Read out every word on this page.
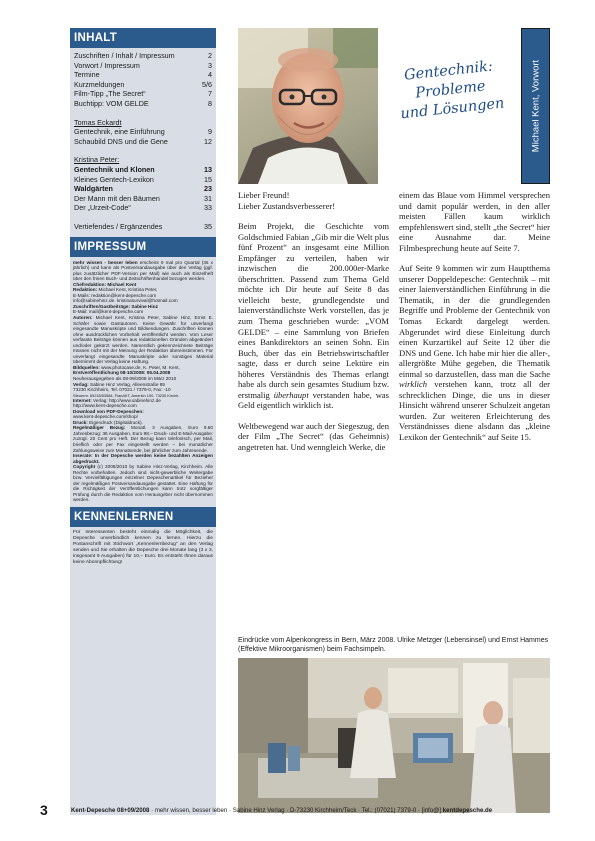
INHALT
Zuschriften / Inhalt / Impressum	2
Vorwort / Impressum	3
Termine	4
Kurzmeldungen	5/6
Film-Tipp „The Secret“	7
Buchtipp: VOM GELDE	8
Tomas Eckardt
Gentechnik, eine Einführung	9
Schaubild DNS und die Gene	12
Kristina Peter:
Gentechnik und Klonen	13
Kleines Gentech-Lexikon	15
Waldgärten	23
Der Mann mit den Bäumen	31
Der „Urzeit-Code“	33
Vertiefendes / Ergänzendes	35
IMPRESSUM

mehr wissen - besser leben erscheint 9 mal pro Quartal (36 x jährlich) und kann als Postversandausgabe über den Verlag (ggf. plus zusätzlicher PDF-Version per Mail) wie auch als Einzelheft über den freien Buch- und Zeitschriftenhandel bezogen werden.

Chefredaktion: Michael Kent

Redaktion: Michael Kent, Kristina Peter,

E-Mails: redaktion@kent-depesche.com

info@sabinehinz.de. kristinasurvival@hotmail.com

Zuschriften/Gastbeiträge: Sabine Hinz

E-Mail: mail@kent-depesche.com

Autoren: Michael Kent, Kristina Peter, Sabine Hinz, Ernst E. Schäfer sowie Gastautoren. Keine Gewähr für unverlangt eingesandte Manuskripte und Bildsendungen. Zuschriften können ohne ausdrücklichen Vorbehalt veröffentlicht werden. Vom Leser verfasste Beiträge können aus redaktionellen Gründen abgeändert und/oder gekürzt werden. Namentlich gekennzeichnete Beiträge müssen nicht mit der Meinung der Redaktion übereinstimmen. Für unverlangt eingesandte Manuskripte oder sonstiges Material übernimmt der Verlag keine Haftung.

Bildquellen: www.photocase.de, K. Peter, M. Kent,

Erstveröffentlichung 08-10/2008: 05.04.2008

Neuherausgegeben als 08-09/2008 im März 2010

Verlag: Sabine Hinz Verlag, Alleenstraße 85

73230 Kirchheim, Tel. 07021 / 7379-0, Fax: -10

Steuernr. 69218/53584, FianAKT, Americh 100, 73230 Kirchh.

Internet: Verlag: http://www.sabinehinz.de

http://www.kent-depesche.com

Download von PDF-Depeschen:

www.kent-depesche.com/shop/

Druck: Eigendruck (Digitaldruck).

Regelmäßiger Bezug: Monatl. 3 Ausgaben, Euro 9.60 Jahresbezug: 36 Ausgaben, Euro 98,– Druck- und E-Mail-Ausgabe: zuzügl. 20 Cent pro Heft. Der Bezug kann telefonisch, per Mail, brieflich oder per Fax eingestellt werden – bei monatlicher Zahlungsweise zum Monatsende, bei jährlicher zum Jahresende.

Inserate: In der Depesche werden keine bezahlten Anzeigen abgedruckt.

Copyright (c) 2008/2010 by Sabine Hinz-Verlag, Kirchheim. Alle Rechte vorbehalten. Jedoch sind nicht-gewerbliche Weitergabe bzw. Vervielfältigungen einzelner Depeschenartikel für Bezieher der regelmäßigen Postversandausgabe gestattet. Eine Haftung für die Richtigkeit der Veröffentlichungen kann trotz sorgfältiger Prüfung durch die Redaktion vom Herausgeber nicht übernommen werden.

KENNENLERNEN
Für Interessenten besteht einmalig die Möglichkeit, die Depesche unverbindlich kennen zu lernen. Hierzu die Postanschrift mit Stichwort „Kennenlernbezug“ an den Verlag senden und Sie erhalten die Depesche drei Monate lang (3 x 3, insgesamt 9 Ausgaben) für 10,– Euro. Es entsteht Ihnen daraus keine Abonnpflichtung!
Gentechnik:
Probleme
und Lösungen	Michael Kent, Vorwort

Lieber Freund!
Lieber Zustandsverbesserer!

Beim Projekt, die Geschichte vom Goldschmied Fabian „Gib mir die Welt plus fünf Prozent“ an insgesamt eine Million Empfänger zu verteilen, haben wir inzwischen die 200.000er-Marke überschritten. Passend zum Thema Geld möchte ich Dir heute auf Seite 8 das vielleicht beste, grundlegendste und laienverständlichste Werk vorstellen, das je zum Thema geschrieben wurde: „VOM GELDE“ – eine Sammlung von Briefen eines Bankdirektors an seinen Sohn. Ein Buch, über das ein Betriebswirtschaftler sagte, dass er durch seine Lektüre ein höheres Verständnis des Themas erlangt habe als durch sein gesamtes Studium bzw. erstmalig überhaupt verstanden habe, was Geld eigentlich wirklich ist.

Weltbewegend war auch der Siegeszug, den der Film „The Secret“ (das Geheimnis) angetreten hat. Und wenngleich Werke, die

einem das Blaue vom Himmel versprechen und damit populär werden, in den aller meisten Fällen kaum wirklich empfehlenswert sind, stellt „the Secret“ hier eine Ausnahme dar. Meine Filmbesprechung heute auf Seite 7.

Auf Seite 9 kommen wir zum Hauptthema unserer Doppeldepesche: Gentechnik – mit einer laienverständlichen Einführung in die Thematik, in der die grundlegenden Begriffe und Probleme der Gentechnik von Tomas Eckardt dargelegt werden. Abgerundet wird diese Einleitung durch einen Kurzartikel auf Seite 12 über die DNS und Gene. Ich habe mir hier die aller-, allergrößte Mühe gegeben, die Thematik einmal so darzustellen, dass man die Sache wirklich verstehen kann, trotz all der schrecklichen Dinge, die uns in dieser Hinsicht während unserer Schulzeit angetan wurden. Zur weiteren Erleichterung des Verständnisses diene alsdann das „kleine Lexikon der Gentechnik“ auf Seite 15.

Eindrücke vom Alpenkongress in Bern, März 2008. Ulrike Metzger (Lebensinsel) und Ernst Hammes (Effektive Mikroorganismen) beim Fachsimpeln.
3	Kent-Depesche 08+09/2008 · mehr wissen, besser leben · Sabine Hinz Verlag · D-73230 Kirchheim/Teck · Tel.: (07021) 7379-0 · [info@] kentdepesche.de
